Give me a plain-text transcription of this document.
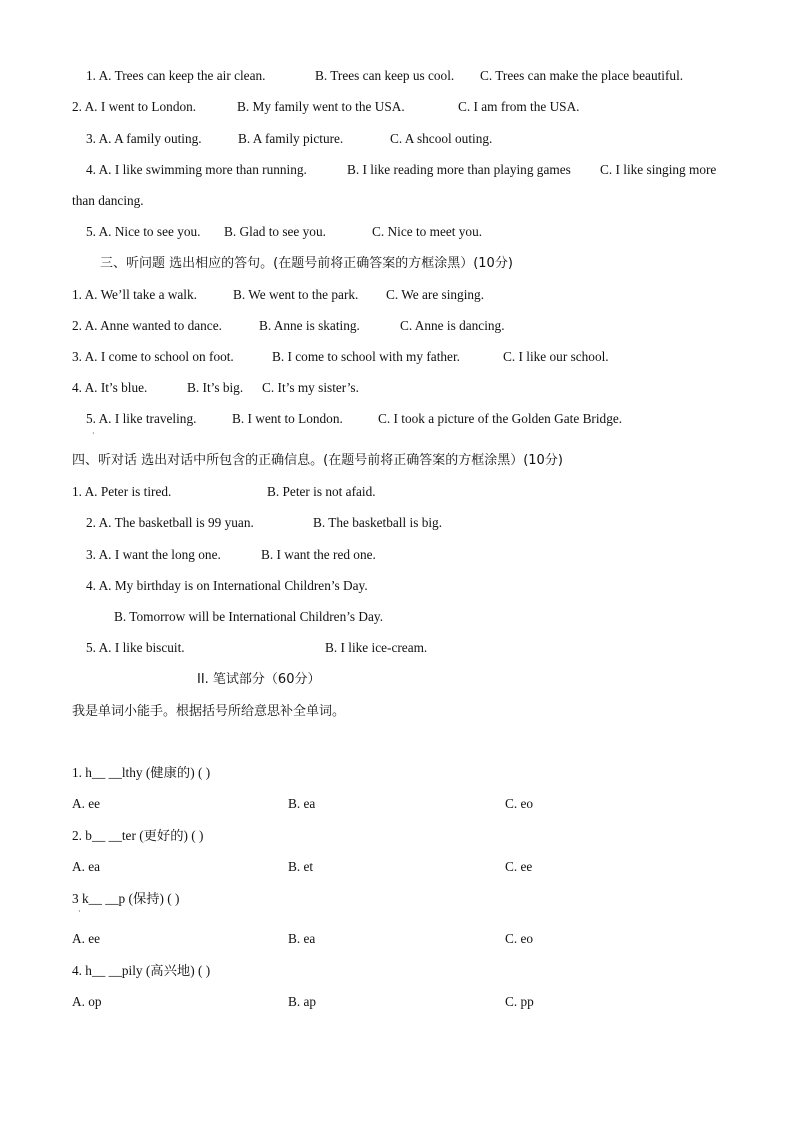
1. A. Trees can keep the air clean.	B. Trees can keep us cool. C. Trees can make the place beautiful.
2. A. I went to London.	B. My family went to the USA.	C. I am from the USA.
3. A. A family outing.	B. A family picture.	C. A shcool outing.
4. A. I like swimming more than running.	B. I like reading more than playing games C. I like singing more
than dancing.
5. A. Nice to see you. B. Glad to see you.	C. Nice to meet you.
三、听问题 选出相应的答句。(在题号前将正确答案的方框涂黑）(10分)
1. A. We’ll take a walk.	B. We went to the park. C. We are singing.
2. A. Anne wanted to dance.	B. Anne is skating.	C. Anne is dancing.
3. A. I come to school on foot.	B. I come to school with my father.	C. I like our school.
4. A. It’s blue.	B. It’s big. C. It’s my sister’s.
5. A. I like traveling.	B. I went to London.	C. I took a picture of the Golden Gate Bridge.
·
四、听对话 选出对话中所包含的正确信息。(在题号前将正确答案的方框涂黑）(10分)
1. A. Peter is tired.	B. Peter is not afaid.
2. A. The basketball is 99 yuan.	B. The basketball is big.
3. A. I want the long one.	B. I want the red one.
4. A. My birthday is on International Children’s Day.
B. Tomorrow will be International Children’s Day.
5. A. I like biscuit.	B. I like ice-cream.
II. 笔试部分（60分）
我是单词小能手。根据括号所给意思补全单词。
1. h__ __lthy (健康的) ( )
A. ee	B. ea	C. eo
2. b__ __ter (更好的) ( )
A. ea	B. et	C. ee
3 k__ __p (保持) ( )
·
A. ee	B. ea	C. eo
4. h__ __pily (高兴地) ( )
A. op	B. ap	C. pp
